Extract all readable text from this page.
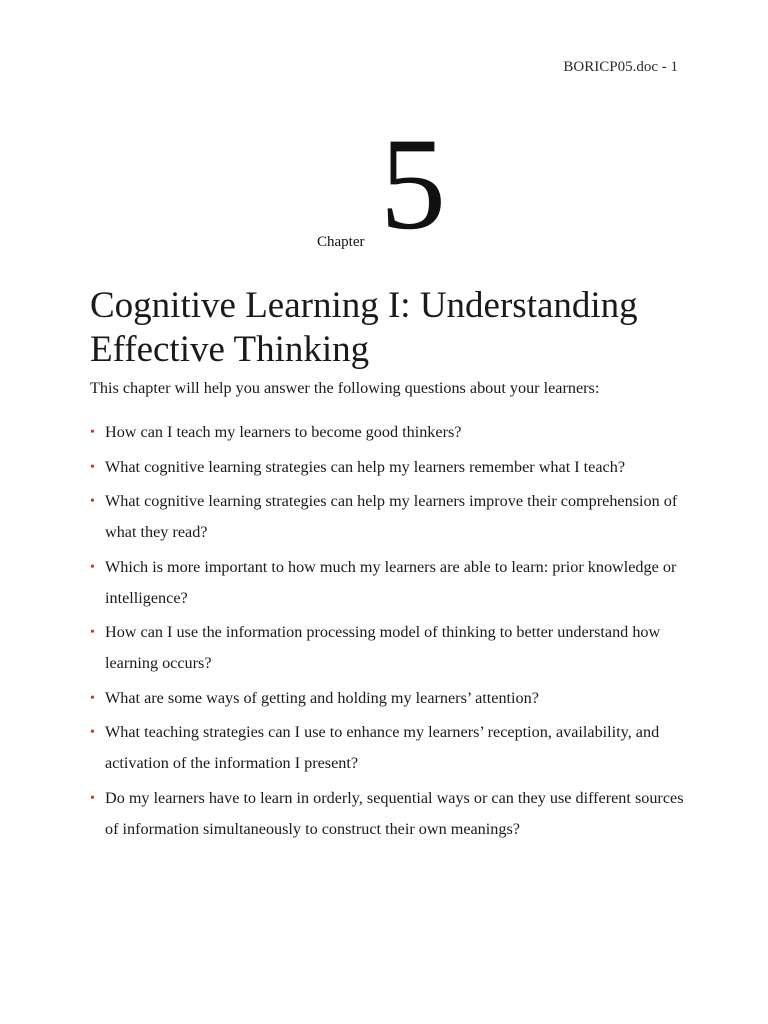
BORICP05.doc - 1
Chapter 5
Cognitive Learning I: Understanding
Effective Thinking

This chapter will help you answer the following questions about your learners:

• How can I teach my learners to become good thinkers?
• What cognitive learning strategies can help my learners remember what I teach?
• What cognitive learning strategies can help my learners improve their comprehension of what they read?
• Which is more important to how much my learners are able to learn: prior knowledge or intelligence?
• How can I use the information processing model of thinking to better understand how learning occurs?
• What are some ways of getting and holding my learners’ attention?
• What teaching strategies can I use to enhance my learners’ reception, availability, and activation of the information I present?
• Do my learners have to learn in orderly, sequential ways or can they use different sources of information simultaneously to construct their own meanings?
